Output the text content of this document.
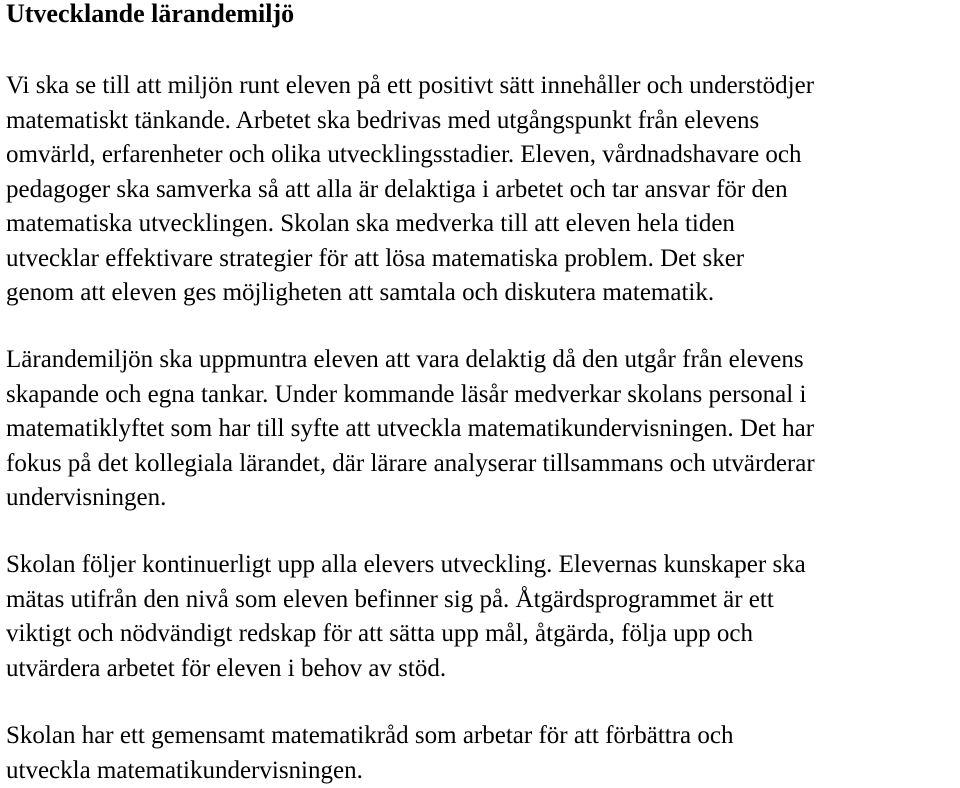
Utvecklande lärandemiljö

Vi ska se till att miljön runt eleven på ett positivt sätt innehåller och understödjer
matematiskt tänkande. Arbetet ska bedrivas med utgångspunkt från elevens
omvärld, erfarenheter och olika utvecklingsstadier. Eleven, vårdnadshavare och
pedagoger ska samverka så att alla är delaktiga i arbetet och tar ansvar för den
matematiska utvecklingen. Skolan ska medverka till att eleven hela tiden
utvecklar effektivare strategier för att lösa matematiska problem. Det sker
genom att eleven ges möjligheten att samtala och diskutera matematik.

Lärandemiljön ska uppmuntra eleven att vara delaktig då den utgår från elevens
skapande och egna tankar. Under kommande läsår medverkar skolans personal i
matematiklyftet som har till syfte att utveckla matematikundervisningen. Det har
fokus på det kollegiala lärandet, där lärare analyserar tillsammans och utvärderar
undervisningen.

Skolan följer kontinuerligt upp alla elevers utveckling. Elevernas kunskaper ska
mätas utifrån den nivå som eleven befinner sig på. Åtgärdsprogrammet är ett
viktigt och nödvändigt redskap för att sätta upp mål, åtgärda, följa upp och
utvärdera arbetet för eleven i behov av stöd.

Skolan har ett gemensamt matematikråd som arbetar för att förbättra och
utveckla matematikundervisningen.
